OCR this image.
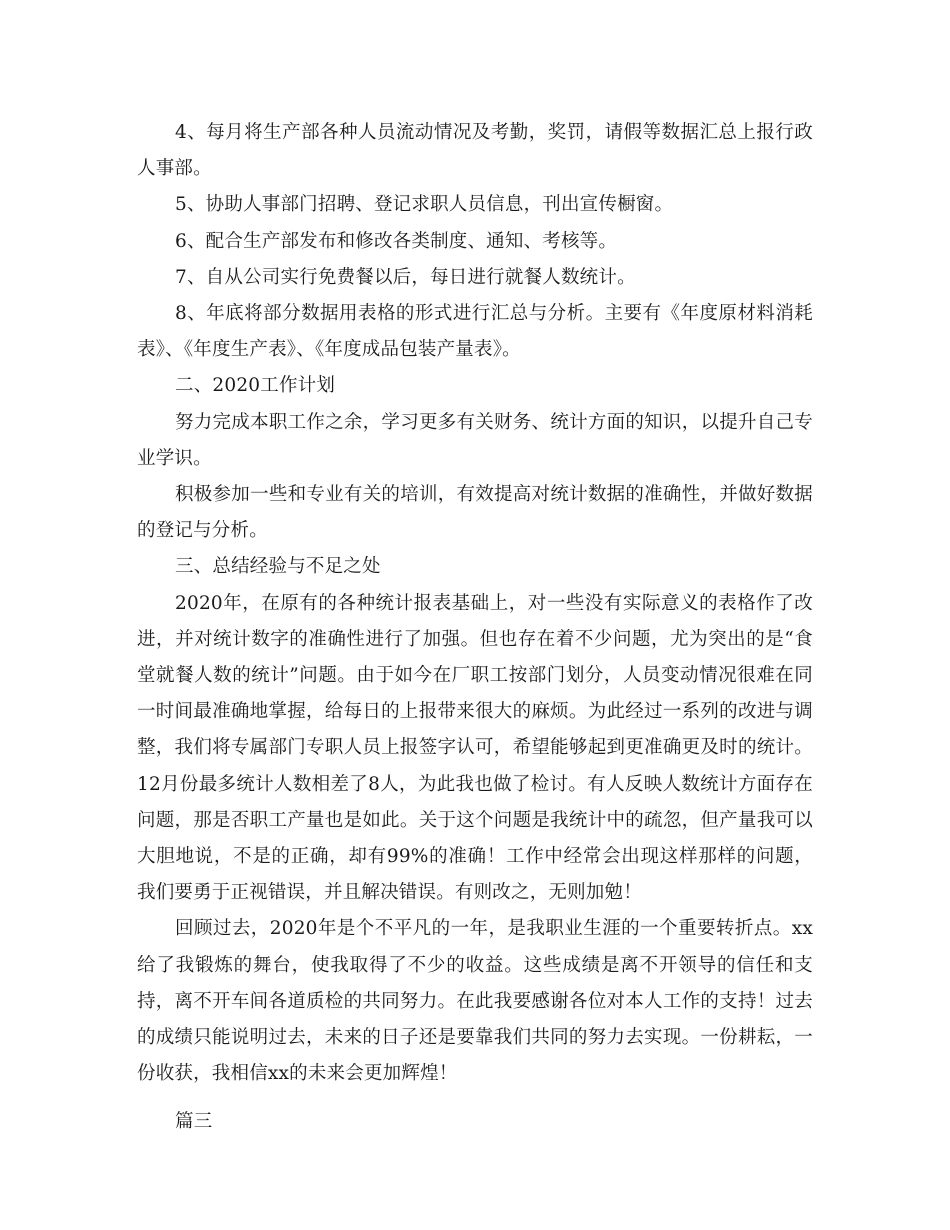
4、每月将生产部各种人员流动情况及考勤，奖罚，请假等数据汇总上报行政人事部。

5、协助人事部门招聘、登记求职人员信息，刊出宣传橱窗。

6、配合生产部发布和修改各类制度、通知、考核等。

7、自从公司实行免费餐以后，每日进行就餐人数统计。

8、年底将部分数据用表格的形式进行汇总与分析。主要有《年度原材料消耗表》、《年度生产表》、《年度成品包装产量表》。

二、2020工作计划

努力完成本职工作之余，学习更多有关财务、统计方面的知识，以提升自己专业学识。

积极参加一些和专业有关的培训，有效提高对统计数据的准确性，并做好数据的登记与分析。

三、总结经验与不足之处

2020年，在原有的各种统计报表基础上，对一些没有实际意义的表格作了改进，并对统计数字的准确性进行了加强。但也存在着不少问题，尤为突出的是“食堂就餐人数的统计”问题。由于如今在厂职工按部门划分，人员变动情况很难在同一时间最准确地掌握，给每日的上报带来很大的麻烦。为此经过一系列的改进与调整，我们将专属部门专职人员上报签字认可，希望能够起到更准确更及时的统计。12月份最多统计人数相差了8人，为此我也做了检讨。有人反映人数统计方面存在问题，那是否职工产量也是如此。关于这个问题是我统计中的疏忽，但产量我可以大胆地说，不是的正确，却有99%的准确！工作中经常会出现这样那样的问题，我们要勇于正视错误，并且解决错误。有则改之，无则加勉！

回顾过去，2020年是个不平凡的一年，是我职业生涯的一个重要转折点。xx给了我锻炼的舞台，使我取得了不少的收益。这些成绩是离不开领导的信任和支持，离不开车间各道质检的共同努力。在此我要感谢各位对本人工作的支持！过去的成绩只能说明过去，未来的日子还是要靠我们共同的努力去实现。一份耕耘，一份收获，我相信xx的未来会更加辉煌！

篇三
